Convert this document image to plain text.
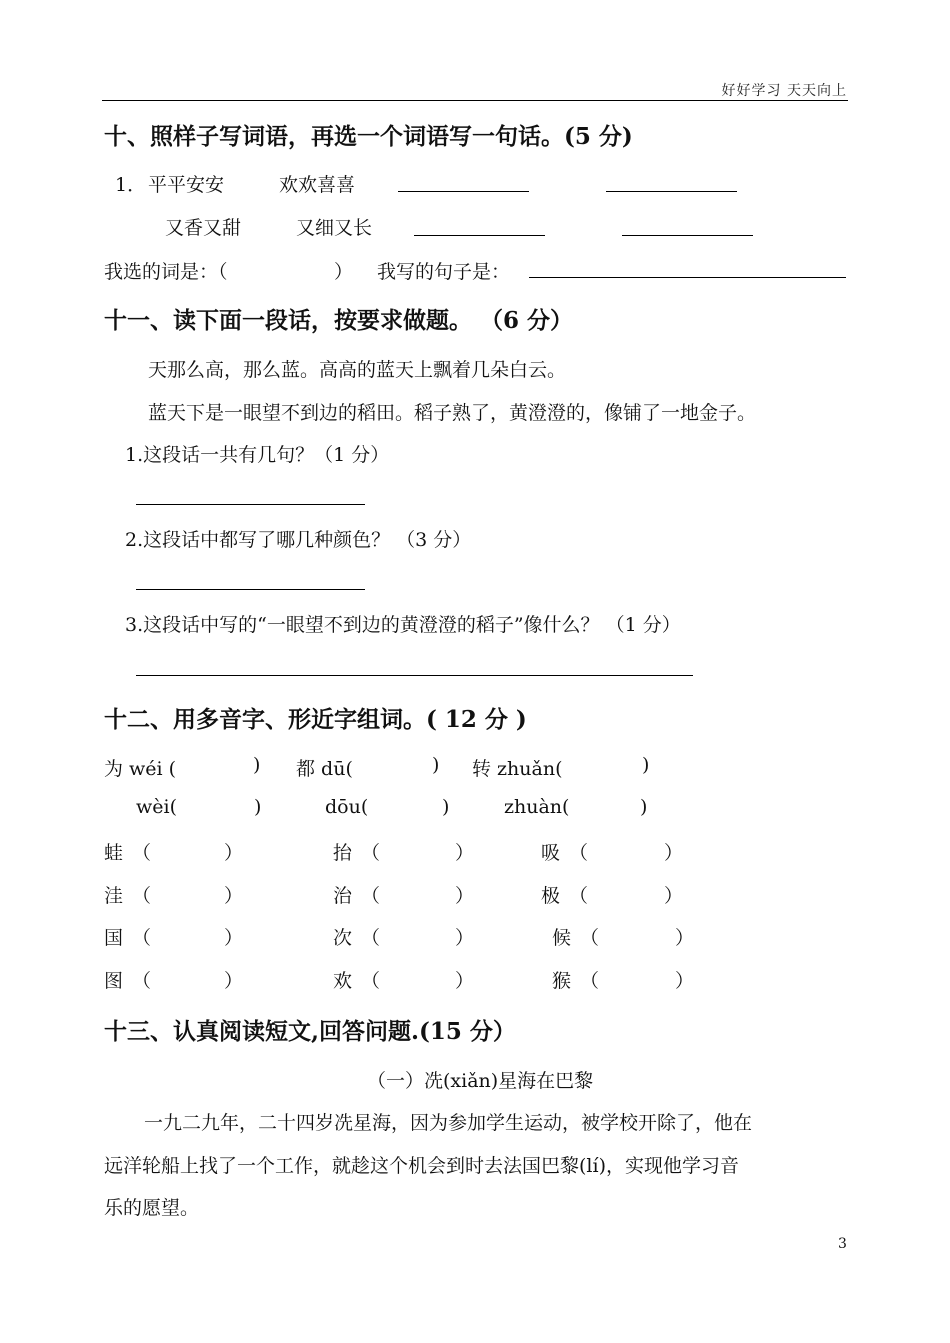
好好学习 天天向上
十、照样子写词语，再选一个词语写一句话。(5 分)
1． 平平安安	欢欢喜喜
又香又甜	又细又长
我选的词是：（	） 我写的句子是：
十一、读下面一段话，按要求做题。 （6 分）
天那么高，那么蓝。高高的蓝天上飘着几朵白云。
蓝天下是一眼望不到边的稻田。稻子熟了，黄澄澄的，像铺了一地金子。
1.这段话一共有几句？（1 分）
2.这段话中都写了哪几种颜色？ （3 分）
3.这段话中写的“一眼望不到边的黄澄澄的稻子”像什么？ （1 分）
十二、用多音字、形近字组词。( 12 分 )
为 wéi (	) 都 dū(	) 转 zhuǎn(	)
wèi(	)	dōu(	)	zhuàn(	)
蛙 （	）	抬 （	）	吸 （	）
洼 （	）	治 （	）	极 （	）
国 （	）	次 （	）	候 （	）
图 （	）	欢 （	）	猴 （	）
十三、认真阅读短文,回答问题.(15 分）
（一）冼(xiǎn)星海在巴黎
一九二九年，二十四岁冼星海，因为参加学生运动，被学校开除了，他在
远洋轮船上找了一个工作，就趁这个机会到时去法国巴黎(lí)，实现他学习音
乐的愿望。
3
